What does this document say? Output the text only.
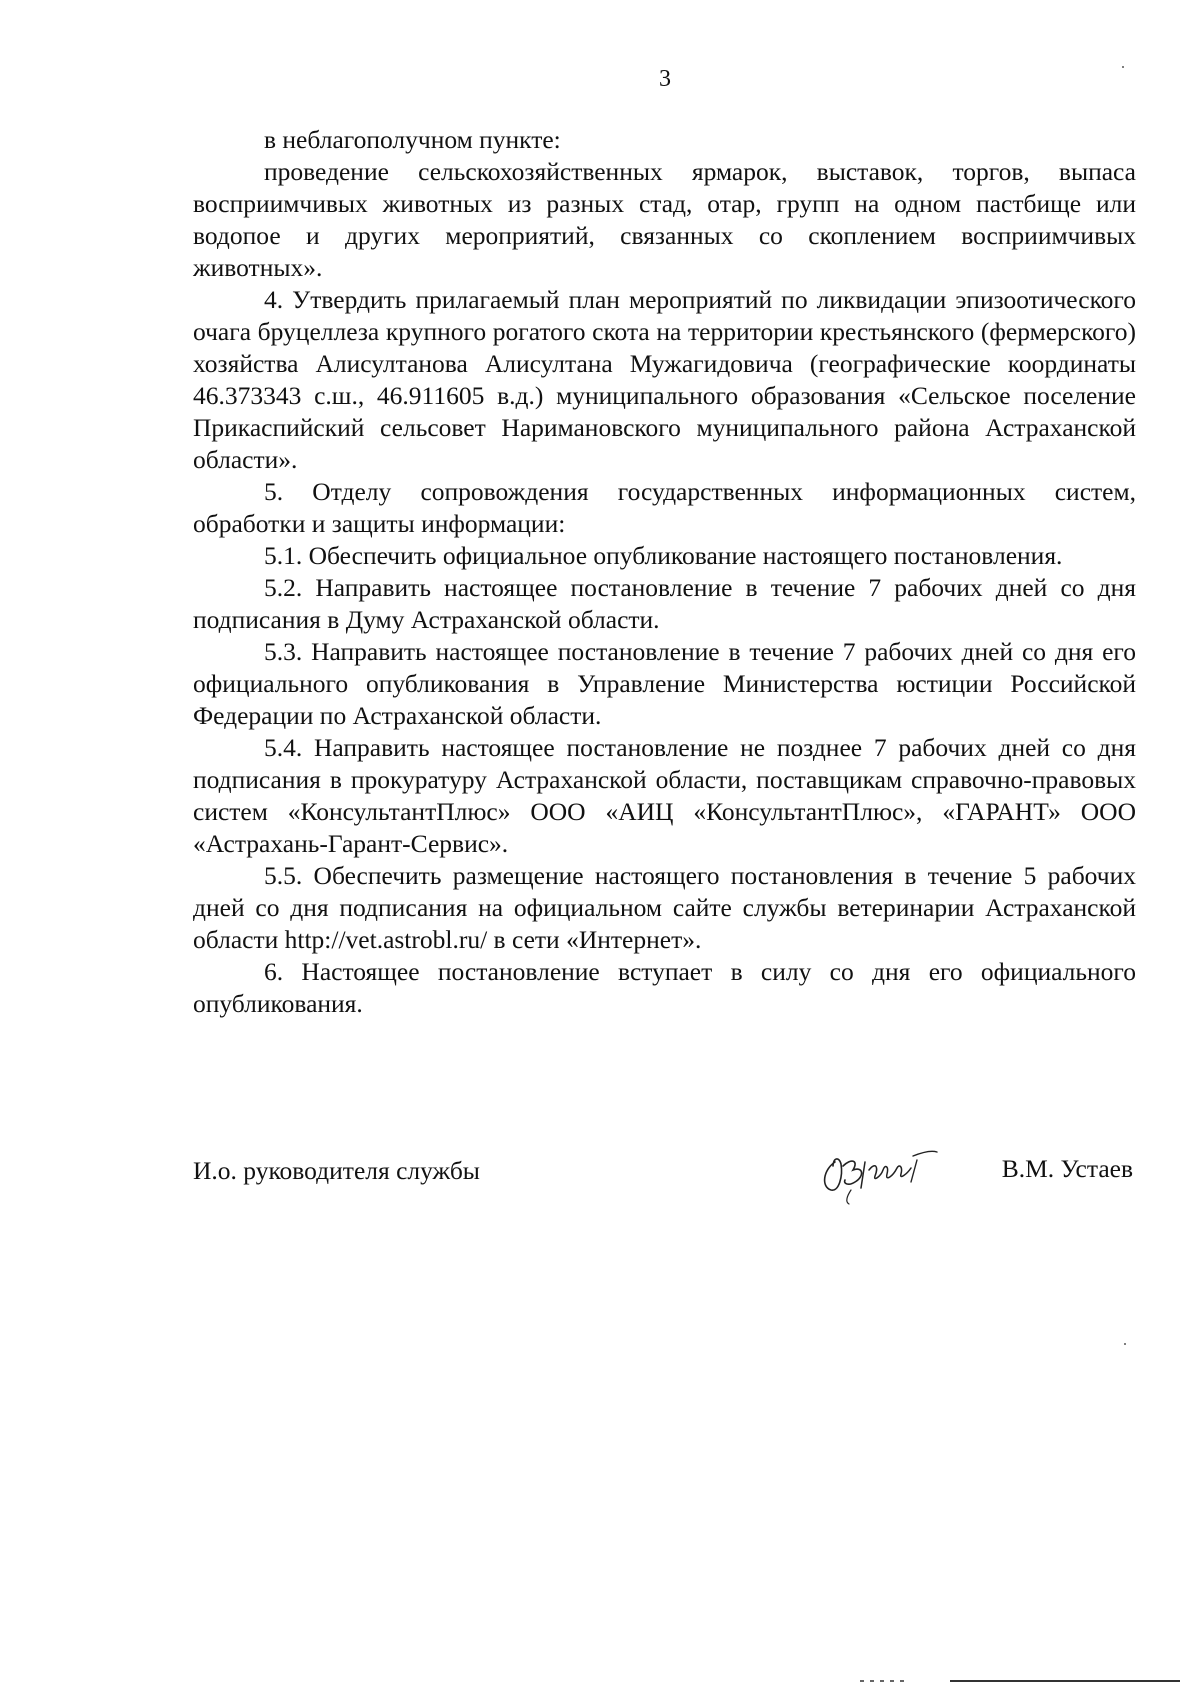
3

в неблагополучном пункте:

проведение сельскохозяйственных ярмарок, выставок, торгов, выпаса восприимчивых животных из разных стад, отар, групп на одном пастбище или водопое и других мероприятий, связанных со скоплением восприимчивых животных».

4. Утвердить прилагаемый план мероприятий по ликвидации эпизоотического очага бруцеллеза крупного рогатого скота на территории крестьянского (фермерского) хозяйства Алисултанова Алисултана Мужагидовича (географические координаты 46.373343 с.ш., 46.911605 в.д.) муниципального образования «Сельское поселение Прикаспийский сельсовет Наримановского муниципального района Астраханской области».

5. Отделу сопровождения государственных информационных систем, обработки и защиты информации:

5.1. Обеспечить официальное опубликование настоящего постановления.

5.2. Направить настоящее постановление в течение 7 рабочих дней со дня подписания в Думу Астраханской области.

5.3. Направить настоящее постановление в течение 7 рабочих дней со дня его официального опубликования в Управление Министерства юстиции Российской Федерации по Астраханской области.

5.4. Направить настоящее постановление не позднее 7 рабочих дней со дня подписания в прокуратуру Астраханской области, поставщикам справочно-правовых систем «КонсультантПлюс» ООО «АИЦ «КонсультантПлюс», «ГАРАНТ» ООО «Астрахань-Гарант-Сервис».

5.5. Обеспечить размещение настоящего постановления в течение 5 рабочих дней со дня подписания на официальном сайте службы ветеринарии Астраханской области http://vet.astrobl.ru/ в сети «Интернет».

6. Настоящее постановление вступает в силу со дня его официального опубликования.

И.о. руководителя службы	В.М. Устаев
